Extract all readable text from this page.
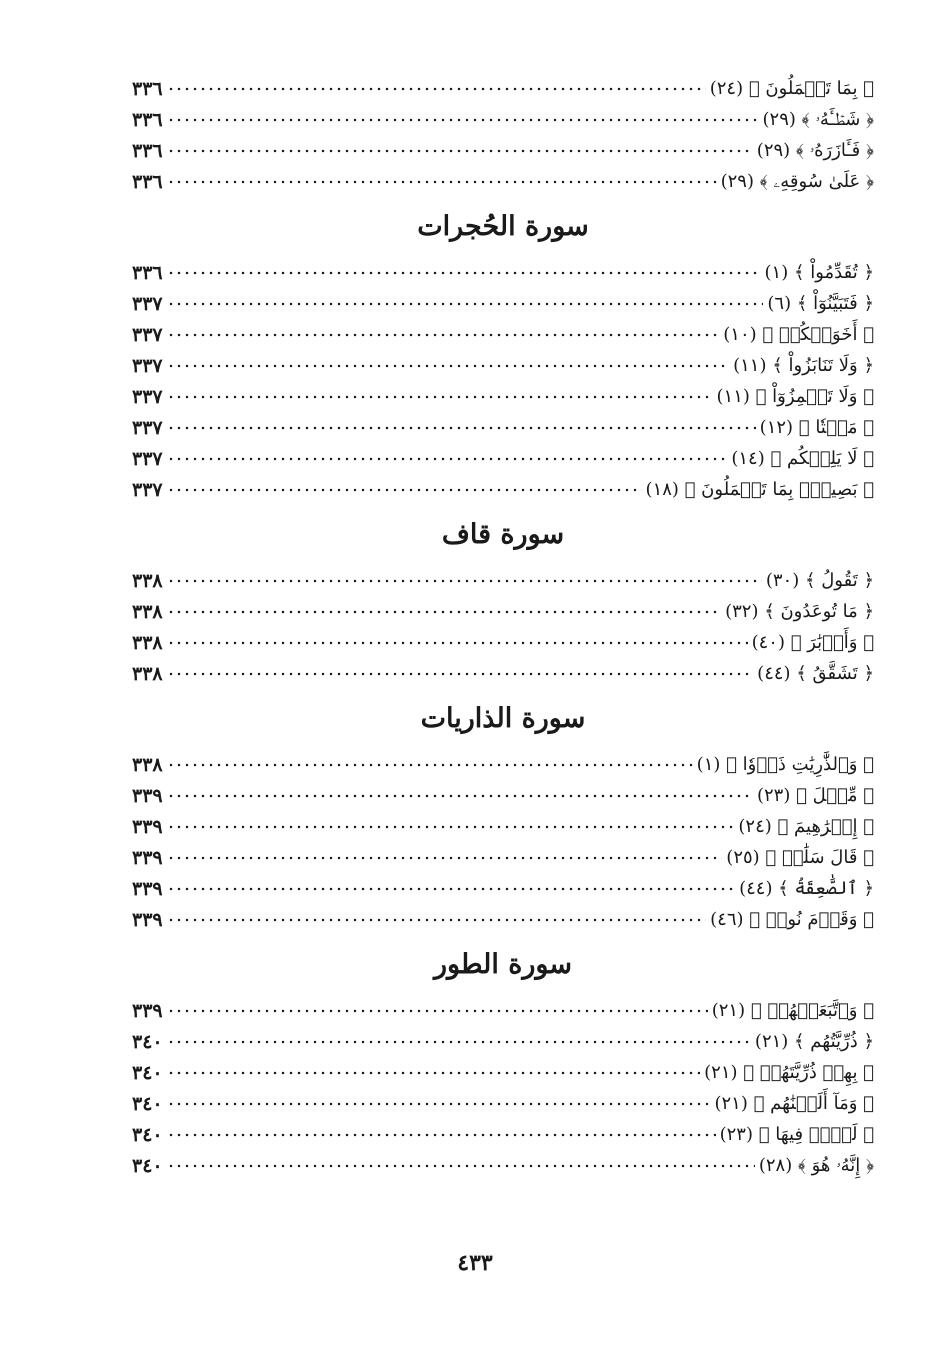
﴿ بِمَا تَعۡمَلُونَ ﴾ (٢٤)
٣٣٦
﴿ شَطۡـَٔهُۥ ﴾ (٢٩)
٣٣٦
﴿ فَـَٔازَرَهُۥ ﴾ (٢٩)
٣٣٦
﴿ عَلَىٰ سُوقِهِۦ ﴾ (٢٩)
٣٣٦
سورة الحُجرات
﴿ تُقَدِّمُواْ ﴾ (١)
٣٣٦
﴿ فَتَبَيَّنُوٓاْ ﴾ (٦)
٣٣٧
﴿ أَخَوَيۡكُمۡ ﴾ (١٠)
٣٣٧
﴿ وَلَا تَنَابَزُواْ ﴾ (١١)
٣٣٧
﴿ وَلَا تَلۡمِزُوٓاْ ﴾ (١١)
٣٣٧
﴿ مَيۡتٗا ﴾ (١٢)
٣٣٧
﴿ لَا يَلِتۡكُم ﴾ (١٤)
٣٣٧
﴿ بَصِيرُۢ بِمَا تَعۡمَلُونَ ﴾ (١٨)
٣٣٧
سورة قاف
﴿ تَقُولُ ﴾ (٣٠)
٣٣٨
﴿ مَا تُوعَدُونَ ﴾ (٣٢)
٣٣٨
﴿ وَأَدۡبَٰرَ ﴾ (٤٠)
٣٣٨
﴿ تَشَقَّقُ ﴾ (٤٤)
٣٣٨
سورة الذاريات
﴿ وَٱلذَّٰرِيَٰتِ ذَرۡوٗا ﴾ (١)
٣٣٨
﴿ مِّثۡلَ ﴾ (٢٣)
٣٣٩
﴿ إِبۡرَٰهِيمَ ﴾ (٢٤)
٣٣٩
﴿ قَالَ سَلَٰمٞ ﴾ (٢٥)
٣٣٩
﴿ ٱلصَّٰعِقَةُ ﴾ (٤٤)
٣٣٩
﴿ وَقَوۡمَ نُوحٖ ﴾ (٤٦)
٣٣٩
سورة الطور
﴿ وَٱتَّبَعَتۡهُمۡ ﴾ (٢١)
٣٣٩
﴿ ذُرِّيَّتُهُم ﴾ (٢١)
٣٤٠
﴿ بِهِمۡ ذُرِّيَّتَهُمۡ ﴾ (٢١)
٣٤٠
﴿ وَمَآ أَلَتۡنَٰهُم ﴾ (٢١)
٣٤٠
﴿ لَغۡوٞ فِيهَا ﴾ (٢٣)
٣٤٠
﴿ إِنَّهُۥ هُوَ ﴾ (٢٨)
٣٤٠
٤٣٣
